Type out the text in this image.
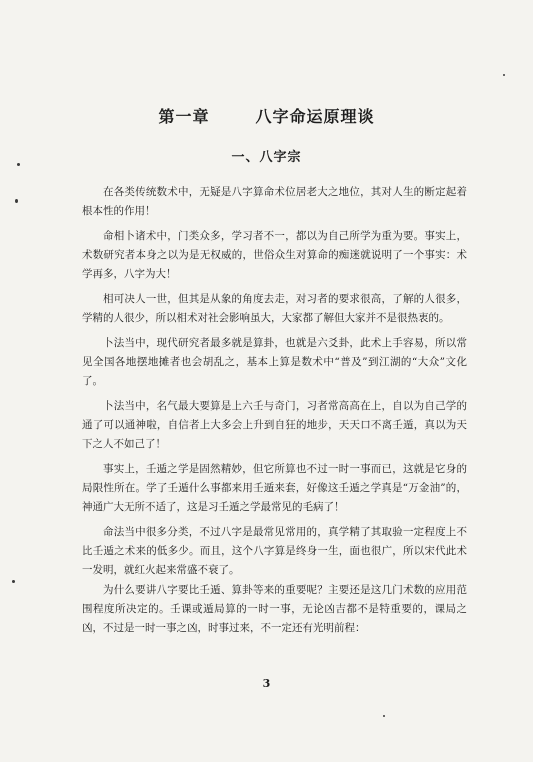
第一章	八字命运原理谈
一、八字宗

在各类传统数术中，无疑是八字算命术位居老大之地位，其对人生的断定起着根本性的作用！

命相卜诸术中，门类众多，学习者不一，都以为自己所学为重为要。事实上，术数研究者本身之以为是无权威的，世俗众生对算命的痴迷就说明了一个事实：术学再多，八字为大！

相可决人一世，但其是从象的角度去走，对习者的要求很高，了解的人很多，学精的人很少，所以相术对社会影响虽大，大家都了解但大家并不是很热衷的。

卜法当中，现代研究者最多就是算卦，也就是六爻卦，此术上手容易，所以常见全国各地摆地摊者也会胡乱之，基本上算是数术中“普及”到江湖的“大众”文化了。

卜法当中，名气最大要算是上六壬与奇门，习者常高高在上，自以为自己学的通了可以通神啦，自信者上大多会上升到自狂的地步，天天口不离壬遁，真以为天下之人不如己了！

事实上，壬遁之学是固然精妙，但它所算也不过一时一事而已，这就是它身的局限性所在。学了壬遁什么事都来用壬遁来套，好像这壬遁之学真是“万金油”的，神通广大无所不适了，这是习壬遁之学最常见的毛病了！

命法当中很多分类，不过八字是最常见常用的，真学精了其取验一定程度上不比壬遁之术来的低多少。而且，这个八字算是终身一生，面也很广，所以宋代此术一发明，就红火起来常盛不衰了。

为什么要讲八字要比壬遁、算卦等来的重要呢？主要还是这几门术数的应用范围程度所决定的。壬课或遁局算的一时一事，无论凶吉都不是特重要的，课局之凶，不过是一时一事之凶，时事过来，不一定还有光明前程：

3
